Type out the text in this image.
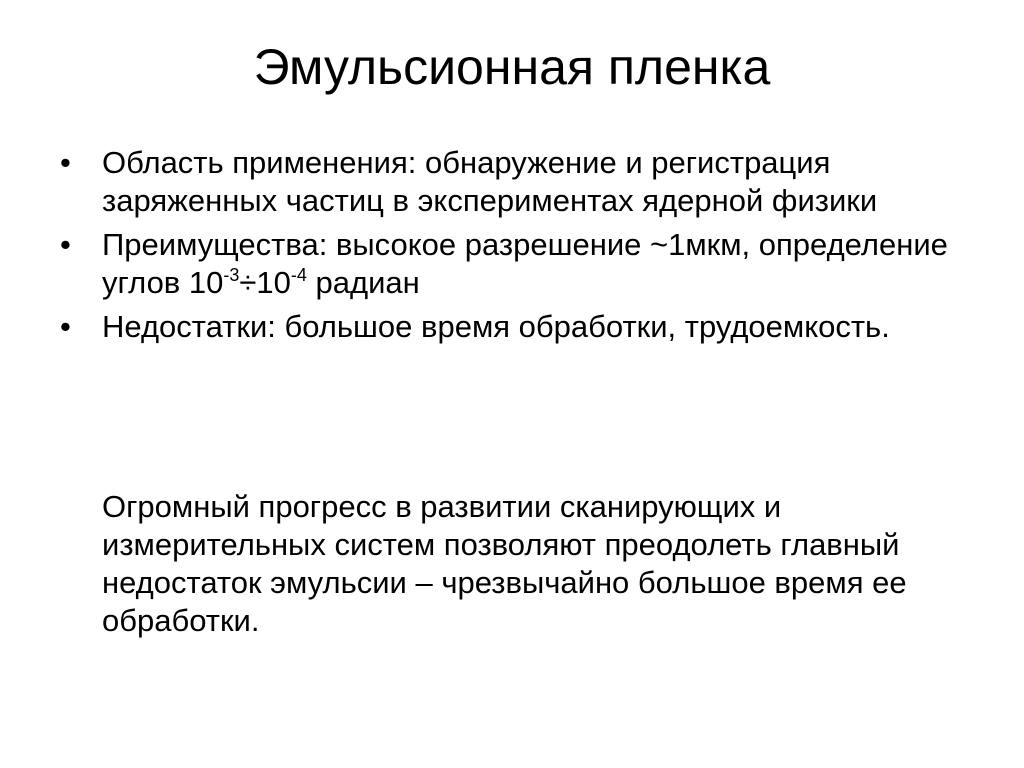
Эмульсионная пленка
• Область применения: обнаружение и регистрация заряженных частиц в экспериментах ядерной физики
• Преимущества: высокое разрешение ~1мкм, определение углов $10^{-3}\div 10^{-4}$ радиан
• Недостатки: большое время обработки, трудоемкость.

Огромный прогресс в развитии сканирующих и измерительных систем позволяют преодолеть главный недостаток эмульсии – чрезвычайно большое время ее обработки.
